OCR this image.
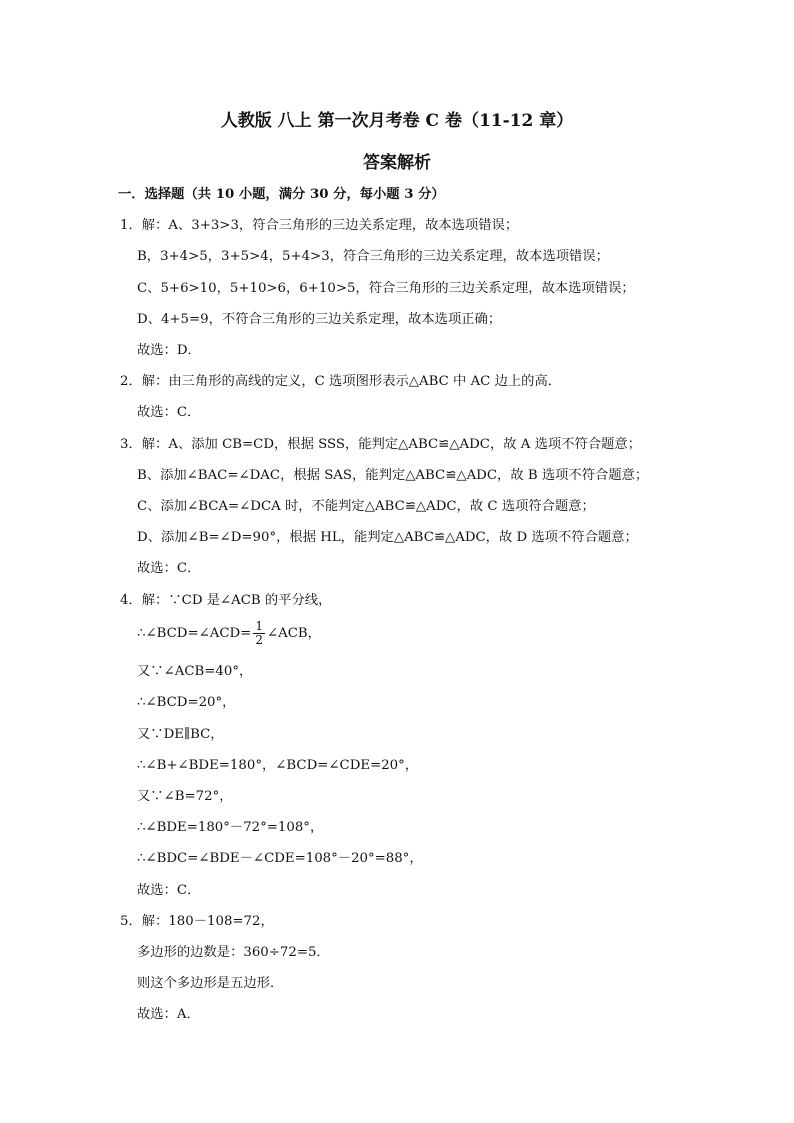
人教版 八上 第一次月考卷 C 卷（11-12 章）
答案解析
一．选择题（共 10 小题，满分 30 分，每小题 3 分）
1．解：A、3+3>3，符合三角形的三边关系定理，故本选项错误；
B，3+4>5，3+5>4，5+4>3，符合三角形的三边关系定理，故本选项错误；
C、5+6>10，5+10>6，6+10>5，符合三角形的三边关系定理，故本选项错误；
D、4+5=9，不符合三角形的三边关系定理，故本选项正确；
故选：D．
2．解：由三角形的高线的定义，C 选项图形表示△ABC 中 AC 边上的高．
故选：C．
3．解：A、添加 CB=CD，根据 SSS，能判定△ABC≌△ADC，故 A 选项不符合题意；
B、添加∠BAC=∠DAC，根据 SAS，能判定△ABC≌△ADC，故 B 选项不符合题意；
C、添加∠BCA=∠DCA 时，不能判定△ABC≌△ADC，故 C 选项符合题意；
D、添加∠B=∠D=90°，根据 HL，能判定△ABC≌△ADC，故 D 选项不符合题意；
故选：C．
4．解：∵CD 是∠ACB 的平分线，
∴∠BCD=∠ACD= $\frac{1}{2}$ ∠ACB，
又∵∠ACB=40°，
∴∠BCD=20°，
又∵DE∥BC，
∴∠B+∠BDE=180°，∠BCD=∠CDE=20°，
又∵∠B=72°，
∴∠BDE=180°－72°=108°，
∴∠BDC=∠BDE－∠CDE=108°－20°=88°，
故选：C．
5．解：180－108=72，
多边形的边数是：360÷72=5．
则这个多边形是五边形．
故选：A．
